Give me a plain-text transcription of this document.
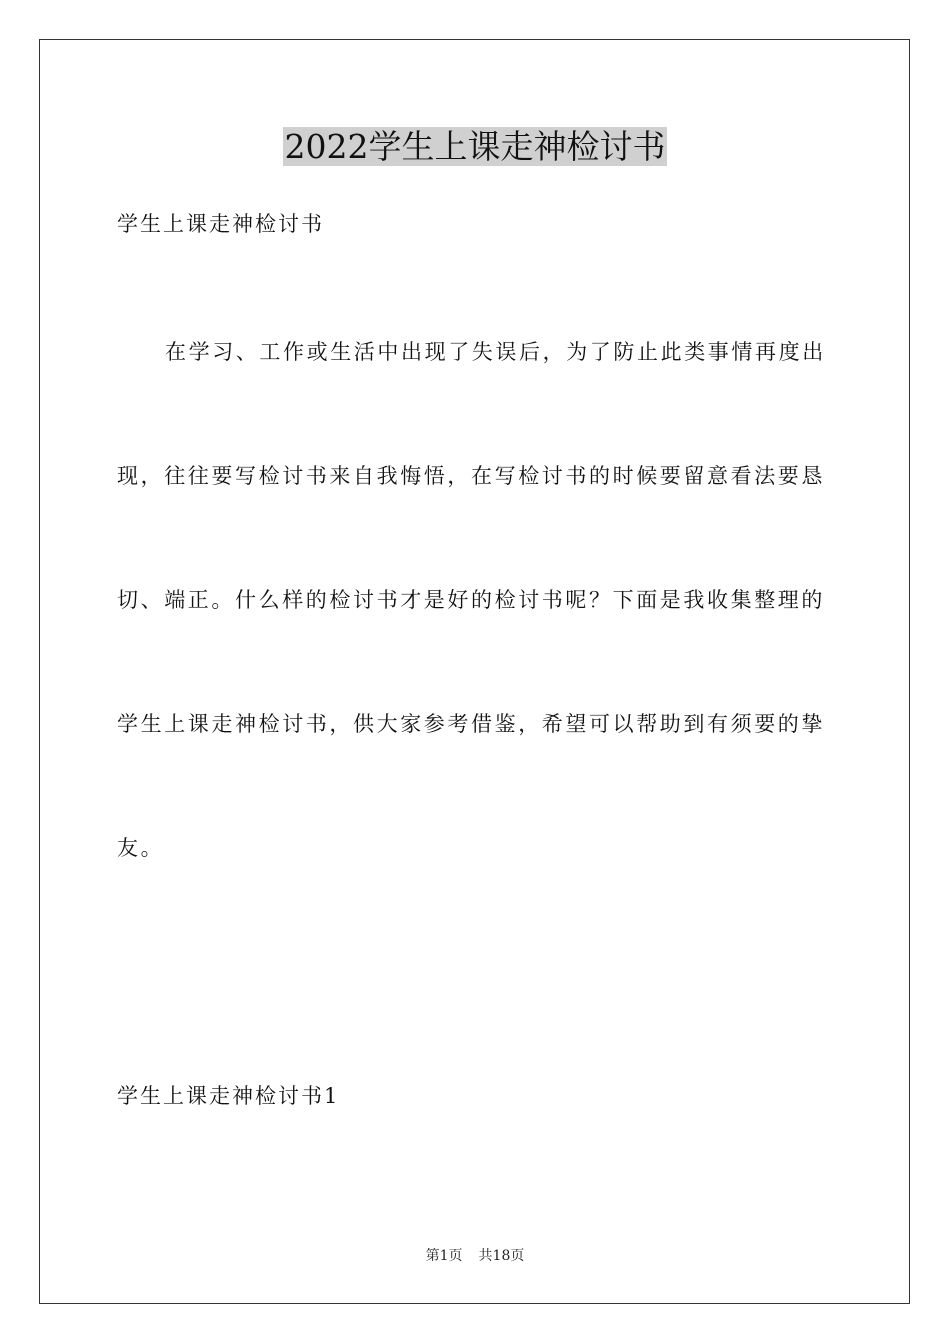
2022学生上课走神检讨书
学生上课走神检讨书
在学习、工作或生活中出现了失误后，为了防止此类事情再度出
现，往往要写检讨书来自我悔悟，在写检讨书的时候要留意看法要恳
切、端正。什么样的检讨书才是好的检讨书呢？下面是我收集整理的
学生上课走神检讨书，供大家参考借鉴，希望可以帮助到有须要的挚
友。
学生上课走神检讨书1
第1页 共18页
